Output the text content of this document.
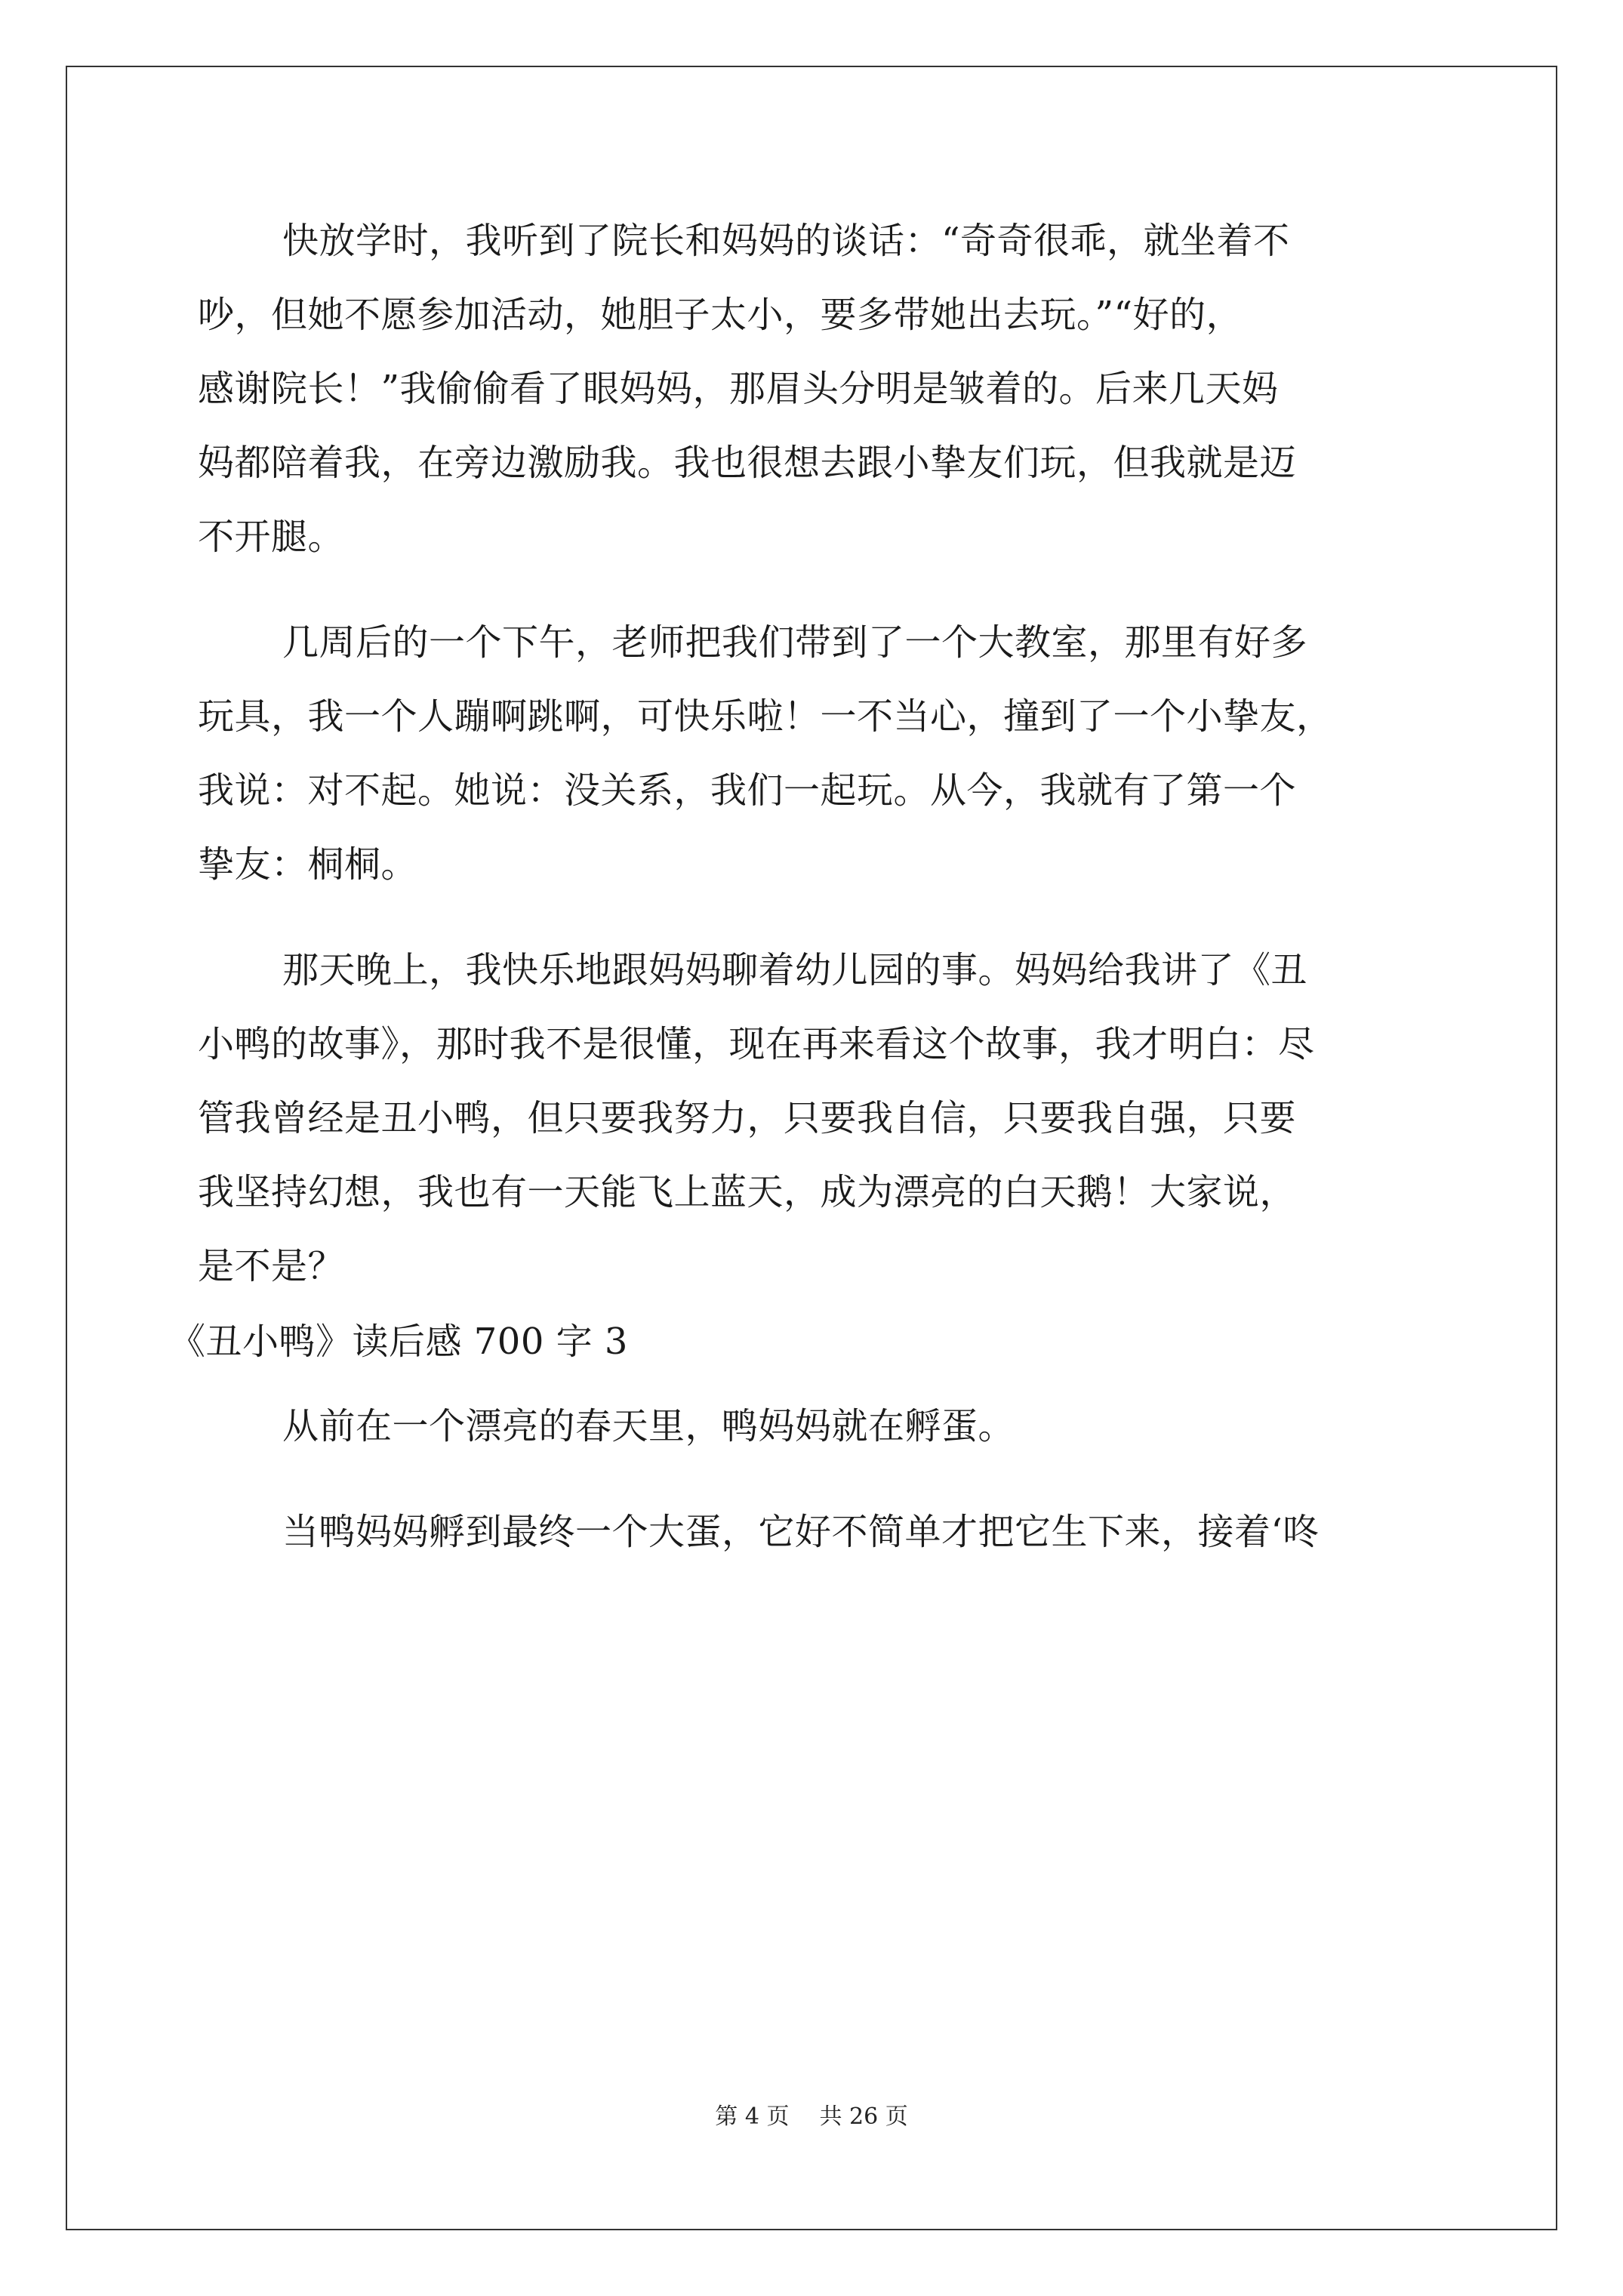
快放学时，我听到了院长和妈妈的谈话：“奇奇很乖，就坐着不
吵，但她不愿参加活动，她胆子太小，要多带她出去玩。”“好的，
感谢院长！”我偷偷看了眼妈妈，那眉头分明是皱着的。后来几天妈
妈都陪着我，在旁边激励我。我也很想去跟小挚友们玩，但我就是迈
不开腿。
几周后的一个下午，老师把我们带到了一个大教室，那里有好多
玩具，我一个人蹦啊跳啊，可快乐啦！一不当心，撞到了一个小挚友，
我说：对不起。她说：没关系，我们一起玩。从今，我就有了第一个
挚友：桐桐。
那天晚上，我快乐地跟妈妈聊着幼儿园的事。妈妈给我讲了《丑
小鸭的故事》，那时我不是很懂，现在再来看这个故事，我才明白：尽
管我曾经是丑小鸭，但只要我努力，只要我自信，只要我自强，只要
我坚持幻想，我也有一天能飞上蓝天，成为漂亮的白天鹅！大家说，
是不是？
《丑小鸭》读后感 700 字 3
从前在一个漂亮的春天里，鸭妈妈就在孵蛋。
当鸭妈妈孵到最终一个大蛋，它好不简单才把它生下来，接着‘咚
第 4 页 共 26 页
